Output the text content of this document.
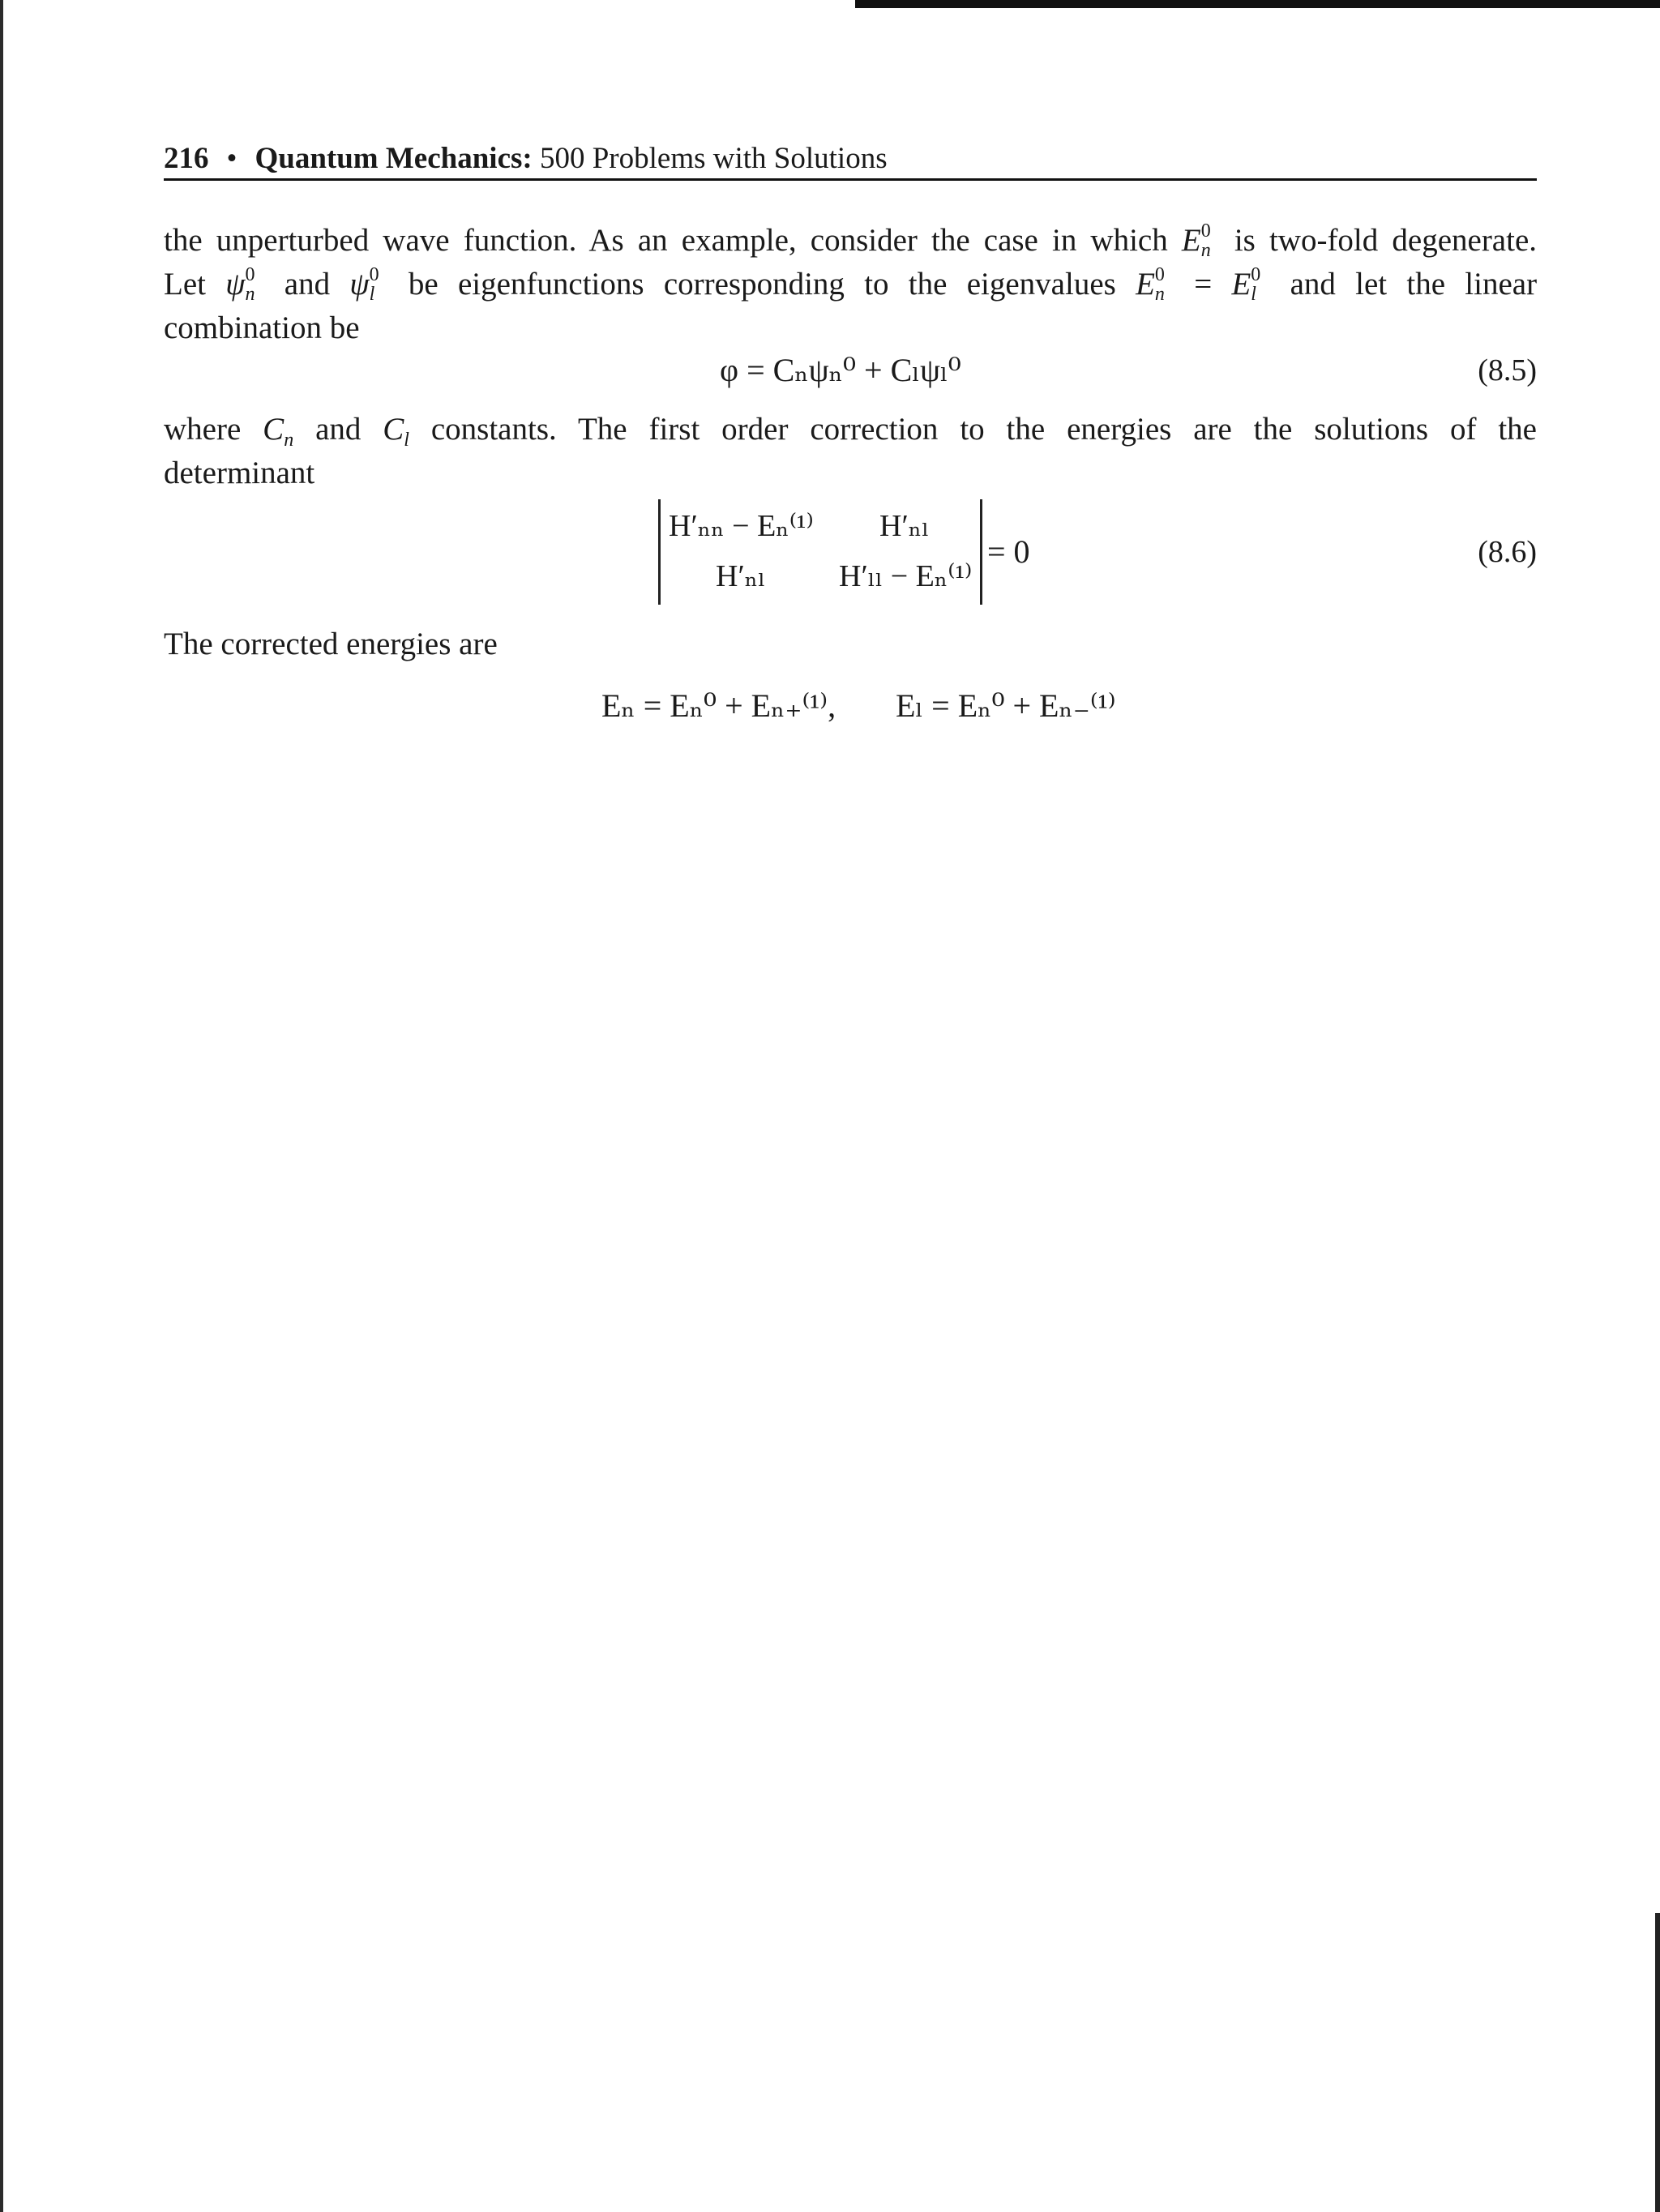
216 • Quantum Mechanics: 500 Problems with Solutions
the unperturbed wave function. As an example, consider the case in which E 0
n is two-fold degenerate.
Let ψ 0
n and ψ 0
l be eigenfunctions corresponding to the eigenvalues E 0
n = E 0
l and let the linear
combination be
φ = Cₙψₙ⁰ + Cₗψₗ⁰	(8.5)
where $C_n$ and $C_l$ constants. The first order correction to the energies are the solutions of the
determinant
H′ₙₙ − Eₙ⁽¹⁾ H′ₙₗ
H′ₙₗ H′ₗₗ − Eₙ⁽¹⁾
= 0	(8.6)
The corrected energies are
Eₙ = Eₙ⁰ + Eₙ₊⁽¹⁾, Eₗ = Eₙ⁰ + Eₙ₋⁽¹⁾
